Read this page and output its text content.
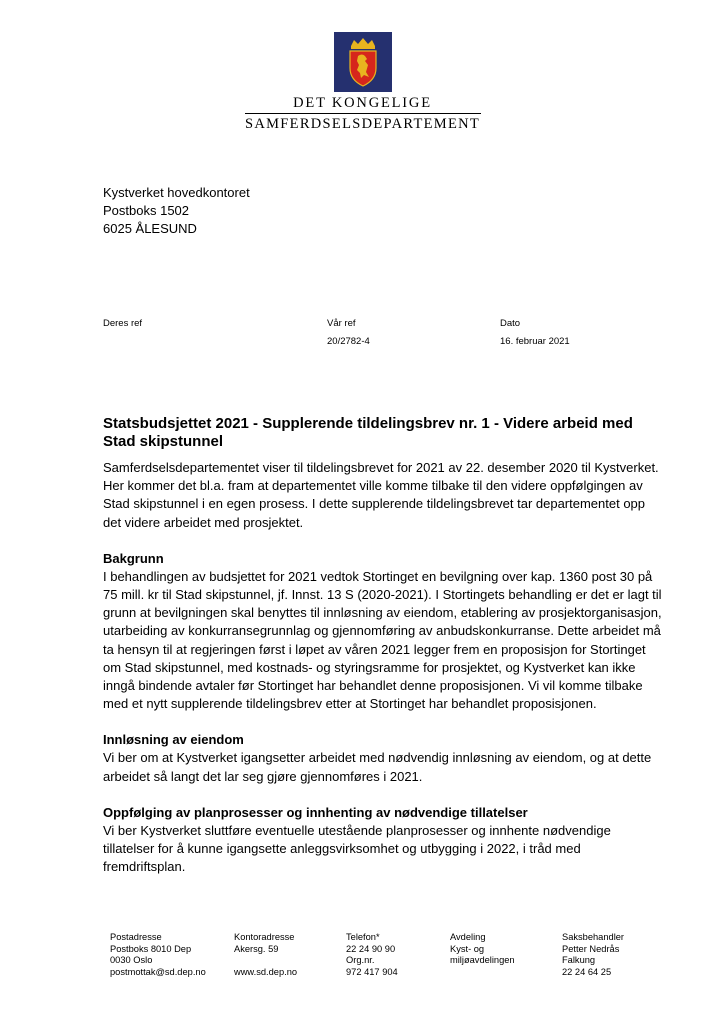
DET KONGELIGE
SAMFERDSELSDEPARTEMENT
Kystverket hovedkontoret
Postboks 1502
6025 ÅLESUND
Deres ref	Vår ref
20/2782-4
Dato
16. februar 2021
Statsbudsjettet 2021 - Supplerende tildelingsbrev nr. 1 - Videre arbeid med Stad skipstunnel

Samferdselsdepartementet viser til tildelingsbrevet for 2021 av 22. desember 2020 til Kystverket. Her kommer det bl.a. fram at departementet ville komme tilbake til den videre oppfølgingen av Stad skipstunnel i en egen prosess. I dette supplerende tildelingsbrevet tar departementet opp det videre arbeidet med prosjektet.

Bakgrunn

I behandlingen av budsjettet for 2021 vedtok Stortinget en bevilgning over kap. 1360 post 30 på 75 mill. kr til Stad skipstunnel, jf. Innst. 13 S (2020-2021). I Stortingets behandling er det er lagt til grunn at bevilgningen skal benyttes til innløsning av eiendom, etablering av prosjektorganisasjon, utarbeiding av konkurransegrunnlag og gjennomføring av anbudskonkurranse. Dette arbeidet må ta hensyn til at regjeringen først i løpet av våren 2021 legger frem en proposisjon for Stortinget om Stad skipstunnel, med kostnads- og styringsramme for prosjektet, og Kystverket kan ikke inngå bindende avtaler før Stortinget har behandlet denne proposisjonen. Vi vil komme tilbake med et nytt supplerende tildelingsbrev etter at Stortinget har behandlet proposisjonen.

Innløsning av eiendom

Vi ber om at Kystverket igangsetter arbeidet med nødvendig innløsning av eiendom, og at dette arbeidet så langt det lar seg gjøre gjennomføres i 2021.

Oppfølging av planprosesser og innhenting av nødvendige tillatelser

Vi ber Kystverket sluttføre eventuelle utestående planprosesser og innhente nødvendige tillatelser for å kunne igangsette anleggsvirksomhet og utbygging i 2022, i tråd med fremdriftsplan.

Postadresse
Postboks 8010 Dep
0030 Oslo
postmottak@sd.dep.no
Kontoradresse
Akersg. 59
www.sd.dep.no
Telefon*
22 24 90 90
Org.nr.
972 417 904
Avdeling
Kyst- og
miljøavdelingen
Saksbehandler
Petter Nedrås
Falkung
22 24 64 25
